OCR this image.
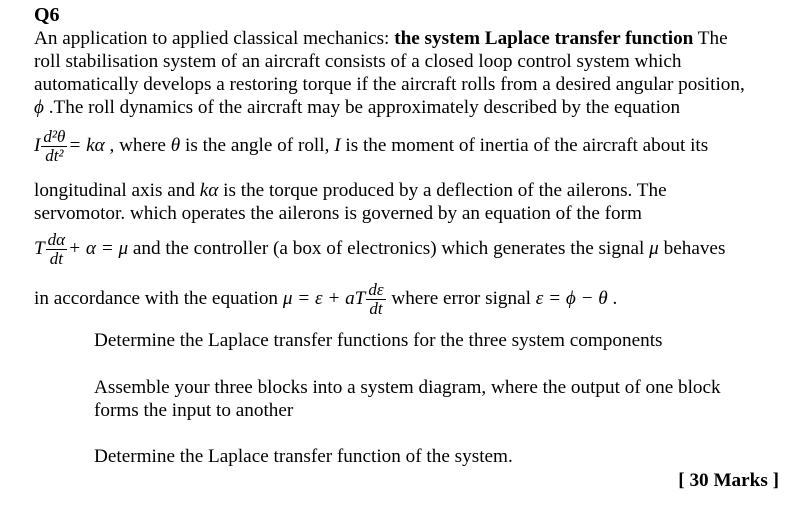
Q6
An application to applied classical mechanics: the system Laplace transfer function The
roll stabilisation system of an aircraft consists of a closed loop control system which
automatically develops a restoring torque if the aircraft rolls from a desired angular position,
ϕ .The roll dynamics of the aircraft may be approximately described by the equation
I $\frac{\text{d²θ}}{\text{dt²}} = k\alpha$ , where θ is the angle of roll, I is the moment of inertia of the aircraft about its
longitudinal axis and kα is the torque produced by a deflection of the ailerons. The
servomotor. which operates the ailerons is governed by an equation of the form
T $\frac{d\alpha}{dt} + \alpha = \mu$ and the controller (a box of electronics) which generates the signal μ behaves
in accordance with the equation μ = ε + aT $\frac{d\varepsilon}{dt}$ where error signal ε = ϕ − θ .
Determine the Laplace transfer functions for the three system components
Assemble your three blocks into a system diagram, where the output of one block
forms the input to another
Determine the Laplace transfer function of the system.
[ 30 Marks ]
